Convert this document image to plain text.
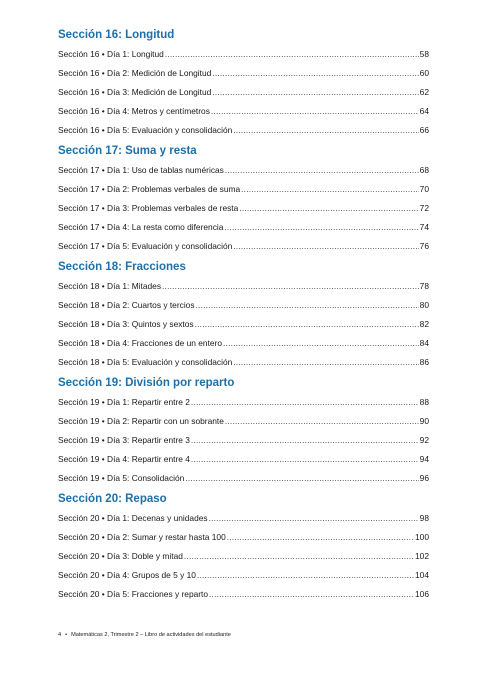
Sección 16: Longitud
Sección 16 • Día 1: Longitud .....	58
Sección 16 • Día 2: Medición de Longitud .....	60
Sección 16 • Día 3: Medición de Longitud .....	62
Sección 16 • Día 4: Metros y centímetros .....	64
Sección 16 • Día 5: Evaluación y consolidación .....	66
Sección 17: Suma y resta
Sección 17 • Día 1: Uso de tablas numéricas .....	68
Sección 17 • Día 2: Problemas verbales de suma .....	70
Sección 17 • Día 3: Problemas verbales de resta .....	72
Sección 17 • Día 4: La resta como diferencia .....	74
Sección 17 • Día 5: Evaluación y consolidación .....	76
Sección 18: Fracciones
Sección 18 • Día 1: Mitades .....	78
Sección 18 • Día 2: Cuartos y tercios .....	80
Sección 18 • Día 3: Quintos y sextos .....	82
Sección 18 • Día 4: Fracciones de un entero .....	84
Sección 18 • Día 5: Evaluación y consolidación .....	86
Sección 19: División por reparto
Sección 19 • Día 1: Repartir entre 2 .....	88
Sección 19 • Día 2: Repartir con un sobrante .....	90
Sección 19 • Día 3: Repartir entre 3 .....	92
Sección 19 • Día 4: Repartir entre 4 .....	94
Sección 19 • Día 5: Consolidación .....	96
Sección 20: Repaso
Sección 20 • Día 1: Decenas y unidades .....	98
Sección 20 • Día 2: Sumar y restar hasta 100 .....	100
Sección 20 • Día 3: Doble y mitad .....	102
Sección 20 • Día 4: Grupos de 5 y 10 .....	104
Sección 20 • Día 5: Fracciones y reparto .....	106
4 • Matemáticas 2, Trimestre 2 – Libro de actividades del estudiante
